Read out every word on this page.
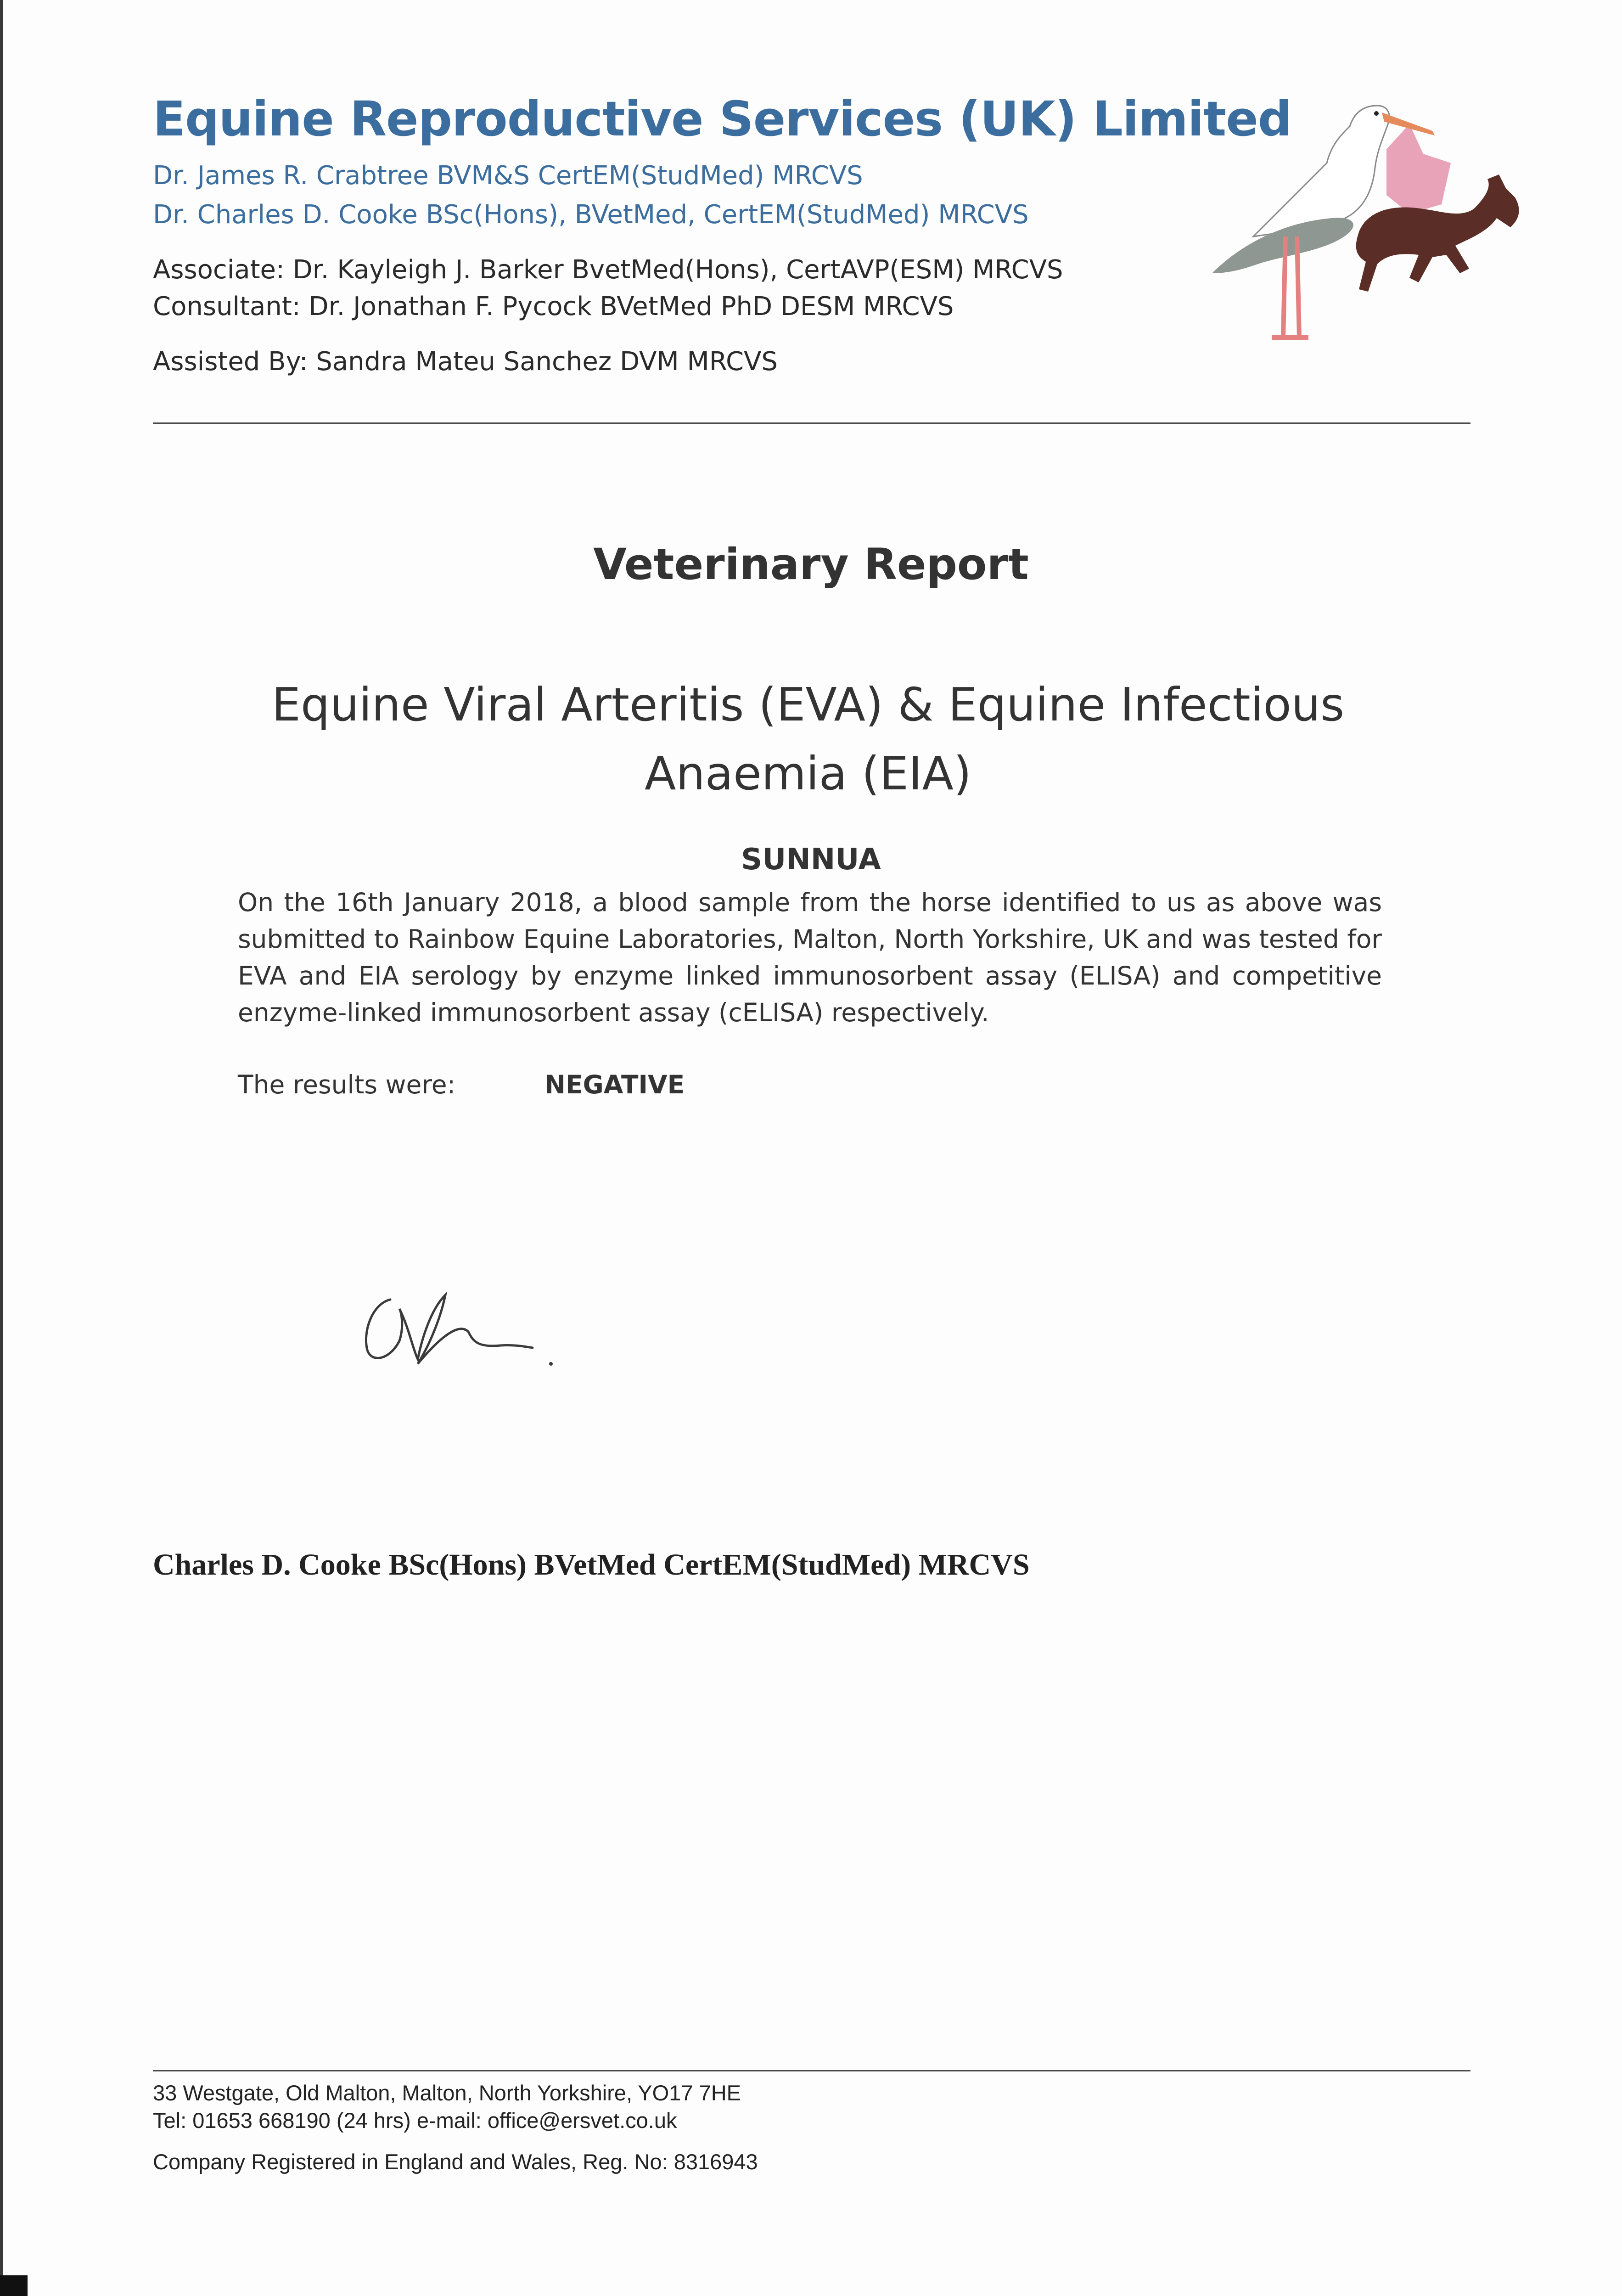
Equine Reproductive Services (UK) Limited
Dr. James R. Crabtree BVM&S CertEM(StudMed) MRCVS
Dr. Charles D. Cooke BSc(Hons), BVetMed, CertEM(StudMed) MRCVS
Associate: Dr. Kayleigh J. Barker BvetMed(Hons), CertAVP(ESM) MRCVS
Consultant: Dr. Jonathan F. Pycock BVetMed PhD DESM MRCVS
Assisted By: Sandra Mateu Sanchez DVM MRCVS
Veterinary Report
Equine Viral Arteritis (EVA) & Equine Infectious Anaemia (EIA)
SUNNUA
On the 16th January 2018, a blood sample from the horse identified to us as above was submitted to Rainbow Equine Laboratories, Malton, North Yorkshire, UK and was tested for EVA and EIA serology by enzyme linked immunosorbent assay (ELISA) and competitive enzyme-linked immunosorbent assay (cELISA) respectively.
The results were:	NEGATIVE
Charles D. Cooke BSc(Hons) BVetMed CertEM(StudMed) MRCVS
33 Westgate, Old Malton, Malton, North Yorkshire, YO17 7HE
Tel: 01653 668190 (24 hrs) e-mail: office@ersvet.co.uk
Company Registered in England and Wales, Reg. No: 8316943
